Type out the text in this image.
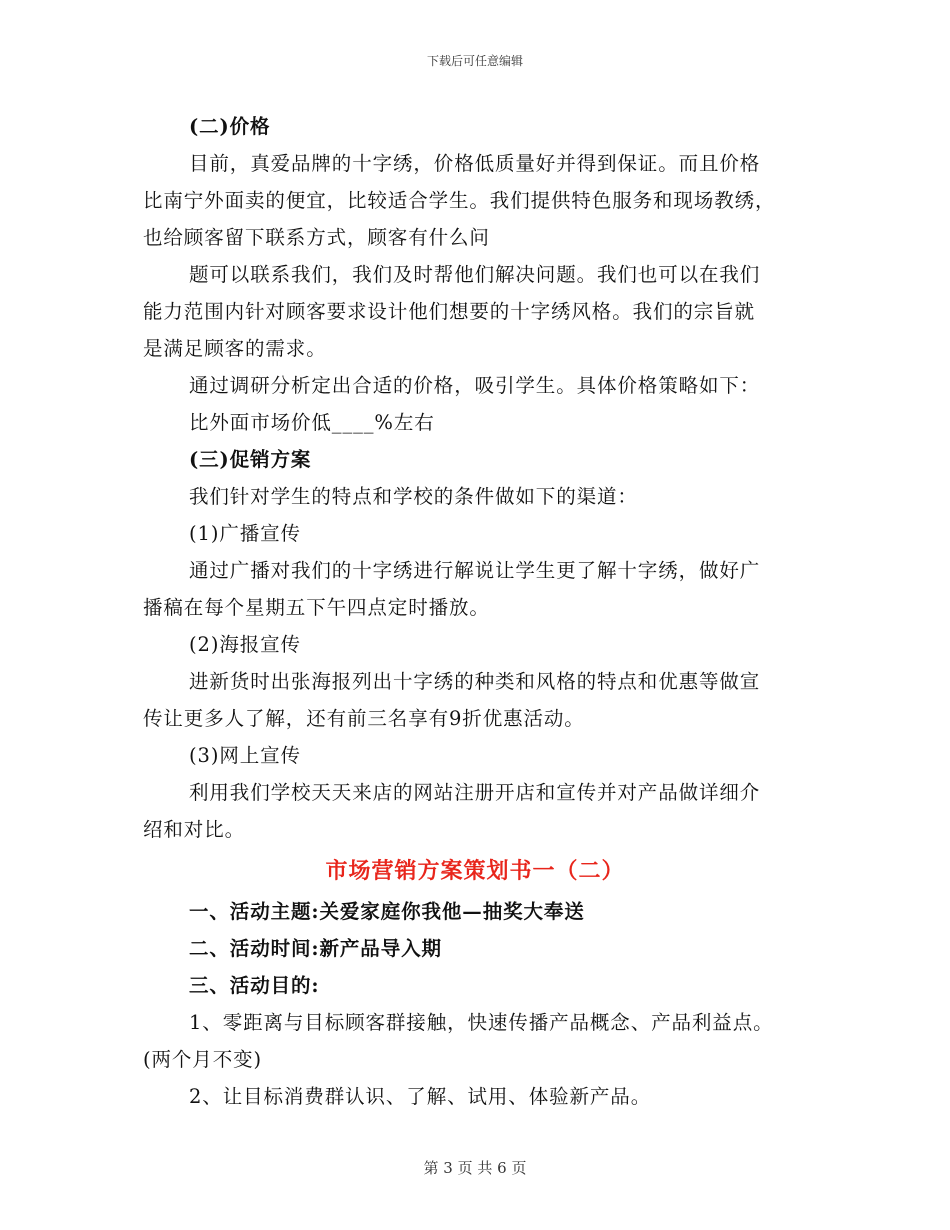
下载后可任意编辑
(二)价格
目前，真爱品牌的十字绣，价格低质量好并得到保证。而且价格
比南宁外面卖的便宜，比较适合学生。我们提供特色服务和现场教绣，
也给顾客留下联系方式，顾客有什么问
题可以联系我们，我们及时帮他们解决问题。我们也可以在我们
能力范围内针对顾客要求设计他们想要的十字绣风格。我们的宗旨就
是满足顾客的需求。
通过调研分析定出合适的价格，吸引学生。具体价格策略如下：
比外面市场价低____%左右
(三)促销方案
我们针对学生的特点和学校的条件做如下的渠道：
(1)广播宣传
通过广播对我们的十字绣进行解说让学生更了解十字绣，做好广
播稿在每个星期五下午四点定时播放。
(2)海报宣传
进新货时出张海报列出十字绣的种类和风格的特点和优惠等做宣
传让更多人了解，还有前三名享有9折优惠活动。
(3)网上宣传
利用我们学校天天来店的网站注册开店和宣传并对产品做详细介
绍和对比。
市场营销方案策划书一（二）
一、活动主题:关爱家庭你我他—抽奖大奉送
二、活动时间:新产品导入期
三、活动目的:
1、零距离与目标顾客群接触，快速传播产品概念、产品利益点。
(两个月不变)
2、让目标消费群认识、了解、试用、体验新产品。
第 3 页 共 6 页
